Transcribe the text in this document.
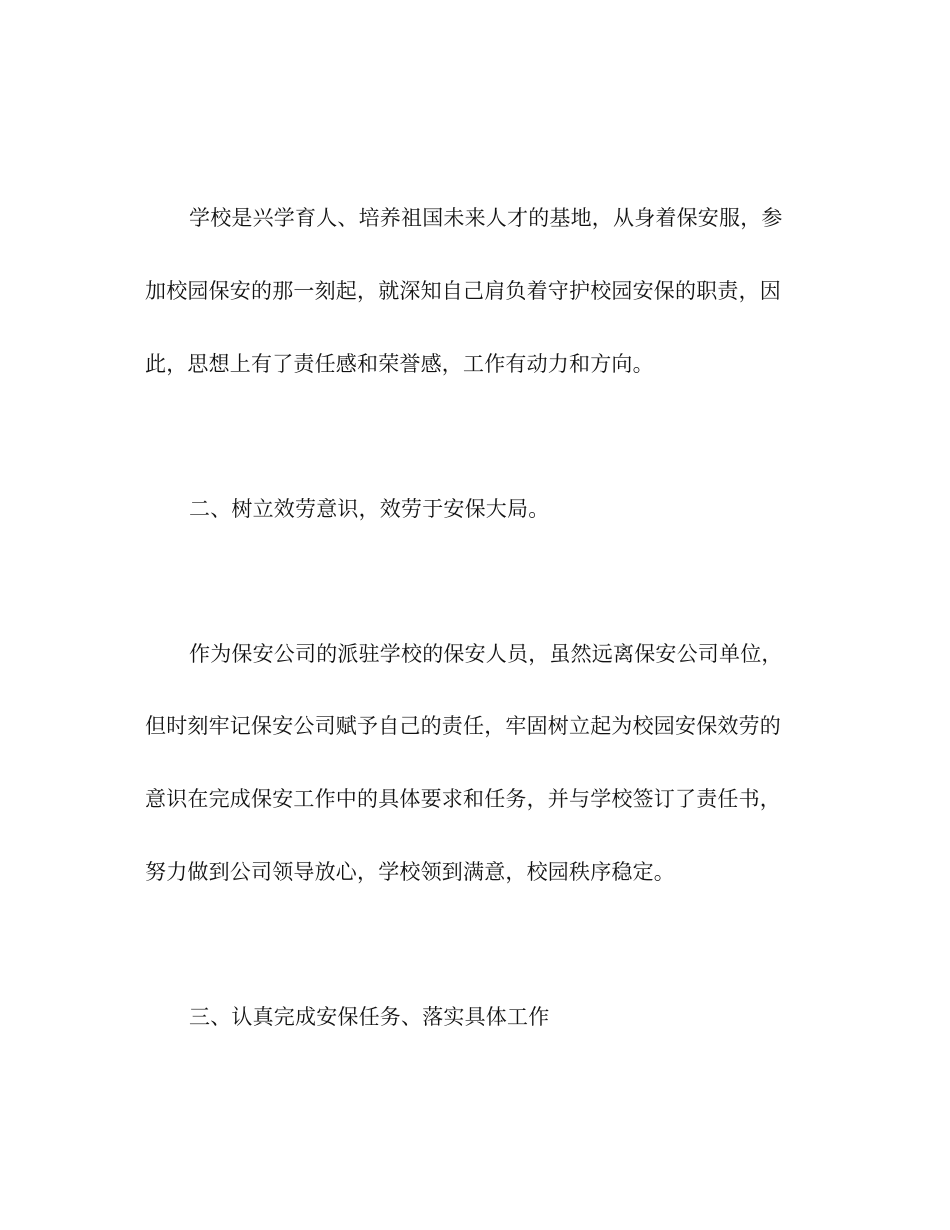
学校是兴学育人、培养祖国未来人才的基地，从身着保安服，参

加校园保安的那一刻起，就深知自己肩负着守护校园安保的职责，因

此，思想上有了责任感和荣誉感，工作有动力和方向。

二、树立效劳意识，效劳于安保大局。

作为保安公司的派驻学校的保安人员，虽然远离保安公司单位，

但时刻牢记保安公司赋予自己的责任，牢固树立起为校园安保效劳的

意识在完成保安工作中的具体要求和任务，并与学校签订了责任书，

努力做到公司领导放心，学校领到满意，校园秩序稳定。

三、认真完成安保任务、落实具体工作
